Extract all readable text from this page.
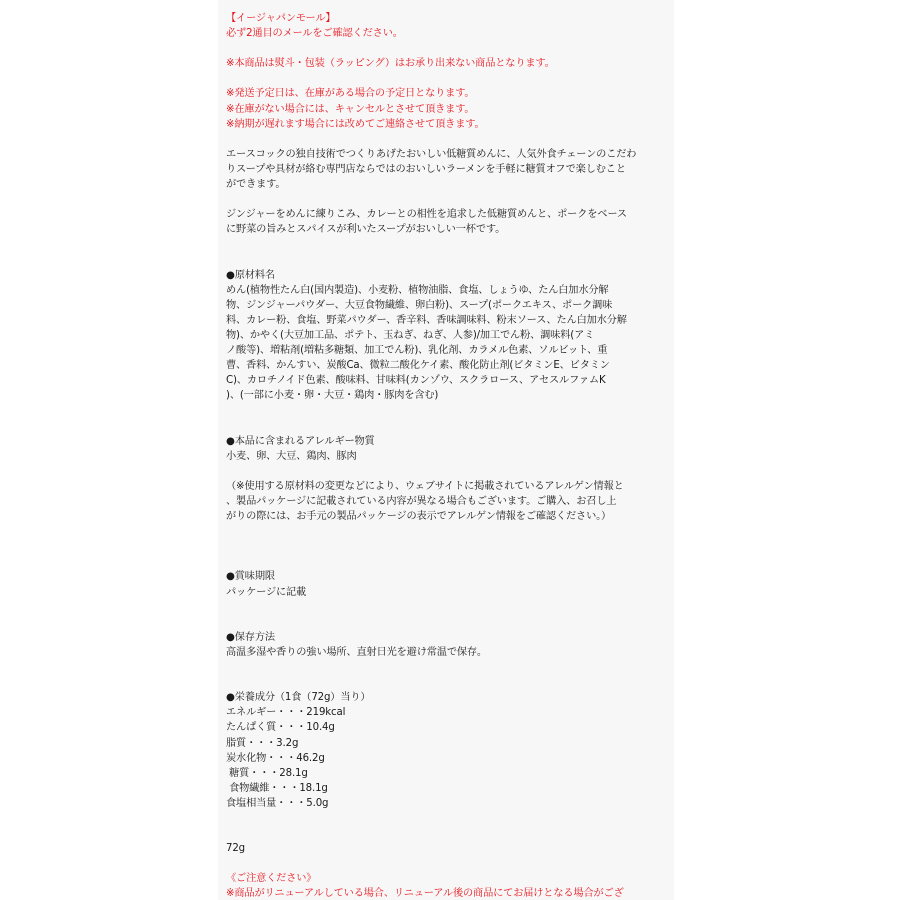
【イージャパンモール】
必ず2通目のメールをご確認ください。
※本商品は熨斗・包装（ラッピング）はお承り出来ない商品となります。
※発送予定日は、在庫がある場合の予定日となります。
※在庫がない場合には、キャンセルとさせて頂きます。
※納期が遅れます場合には改めてご連絡させて頂きます。
エースコックの独自技術でつくりあげたおいしい低糖質めんに、人気外食チェーンのこだわ
りスープや具材が絡む専門店ならではのおいしいラーメンを手軽に糖質オフで楽しむこと
ができます。
ジンジャーをめんに練りこみ、カレーとの相性を追求した低糖質めんと、ポークをベース
に野菜の旨みとスパイスが利いたスープがおいしい一杯です。
●原材料名
めん(植物性たん白(国内製造)、小麦粉、植物油脂、食塩、しょうゆ、たん白加水分解
物、ジンジャーパウダー、大豆食物繊維、卵白粉)、スープ(ポークエキス、ポーク調味
料、カレー粉、食塩、野菜パウダー、香辛料、香味調味料、粉末ソース、たん白加水分解
物)、かやく(大豆加工品、ポテト、玉ねぎ、ねぎ、人参)/加工でん粉、調味料(アミ
ノ酸等)、増粘剤(増粘多糖類、加工でん粉)、乳化剤、カラメル色素、ソルビット、重
曹、香料、かんすい、炭酸Ca、微粒二酸化ケイ素、酸化防止剤(ビタミンE、ビタミン
C)、カロチノイド色素、酸味料、甘味料(カンゾウ、スクラロース、アセスルファムK
)、(一部に小麦・卵・大豆・鶏肉・豚肉を含む)
●本品に含まれるアレルギー物質
小麦、卵、大豆、鶏肉、豚肉
（※使用する原材料の変更などにより、ウェブサイトに掲載されているアレルゲン情報と
、製品パッケージに記載されている内容が異なる場合もございます。ご購入、お召し上
がりの際には、お手元の製品パッケージの表示でアレルゲン情報をご確認ください。）
●賞味期限
パッケージに記載
●保存方法
高温多湿や香りの強い場所、直射日光を避け常温で保存。
●栄養成分（1食（72g）当り）
エネルギー・・・219kcal
たんぱく質・・・10.4g
脂質・・・3.2g
炭水化物・・・46.2g
糖質・・・28.1g
食物繊維・・・18.1g
食塩相当量・・・5.0g
72g
《ご注意ください》
※商品がリニューアルしている場合、リニューアル後の商品にてお届けとなる場合がござ
